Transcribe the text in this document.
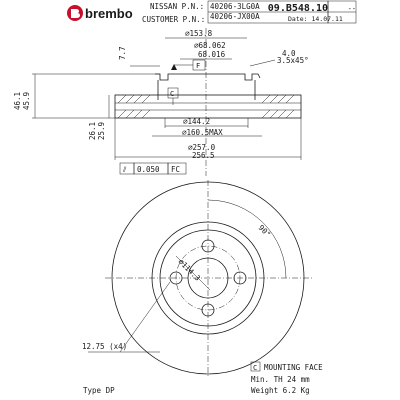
brembo NISSAN P.N.: 40206-3LG0A
40206-JX00A
CUSTOMER P.N.:
09.B548.10	--
Date: 14.07.11
∅153.8
∅68.062
68.016	4.0
3.5x45°
7.7
F
C
46.1 45.9
26.1 25.9
∅144.2
∅160.5MAX
∅257.0
256.5
⫽ 0.050 FC
90°
∅114.3
12.75 (x4)
C MOUNTING FACE
Min. TH 24 mm
Weight 6.2 Kg
Type DP
